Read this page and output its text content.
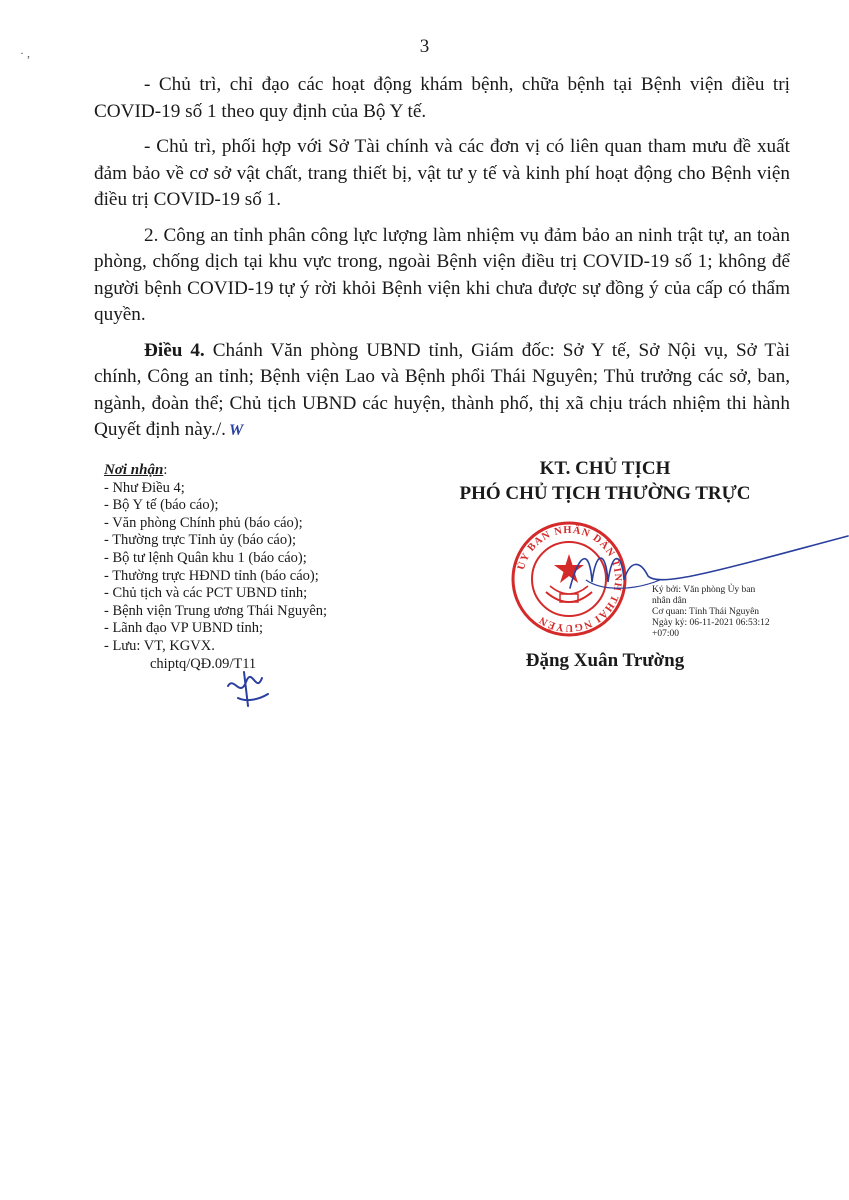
· ,	3

- Chủ trì, chỉ đạo các hoạt động khám bệnh, chữa bệnh tại Bệnh viện điều trị COVID-19 số 1 theo quy định của Bộ Y tế.

- Chủ trì, phối hợp với Sở Tài chính và các đơn vị có liên quan tham mưu đề xuất đảm bảo về cơ sở vật chất, trang thiết bị, vật tư y tế và kinh phí hoạt động cho Bệnh viện điều trị COVID-19 số 1.

2. Công an tỉnh phân công lực lượng làm nhiệm vụ đảm bảo an ninh trật tự, an toàn phòng, chống dịch tại khu vực trong, ngoài Bệnh viện điều trị COVID-19 số 1; không để người bệnh COVID-19 tự ý rời khỏi Bệnh viện khi chưa được sự đồng ý của cấp có thẩm quyền.

Điều 4. Chánh Văn phòng UBND tỉnh, Giám đốc: Sở Y tế, Sở Nội vụ, Sở Tài chính, Công an tỉnh; Bệnh viện Lao và Bệnh phổi Thái Nguyên; Thủ trưởng các sở, ban, ngành, đoàn thể; Chủ tịch UBND các huyện, thành phố, thị xã chịu trách nhiệm thi hành Quyết định này./. W

Nơi nhận:
- Như Điều 4;
- Bộ Y tế (báo cáo);
- Văn phòng Chính phủ (báo cáo);
- Thường trực Tỉnh ủy (báo cáo);
- Bộ tư lệnh Quân khu 1 (báo cáo);
- Thường trực HĐND tỉnh (báo cáo);
- Chủ tịch và các PCT UBND tỉnh;
- Bệnh viện Trung ương Thái Nguyên;
- Lãnh đạo VP UBND tỉnh;
- Lưu: VT, KGVX.
chiptq/QĐ.09/T11
KT. CHỦ TỊCH
PHÓ CHỦ TỊCH THƯỜNG TRỰC
ỦY BAN NHÂN DÂN TỈNH THÁI NGUYÊN
Ký bởi: Văn phòng Ủy ban
nhân dân
Cơ quan: Tỉnh Thái Nguyên
Ngày ký: 06-11-2021 06:53:12
+07:00
Đặng Xuân Trường
